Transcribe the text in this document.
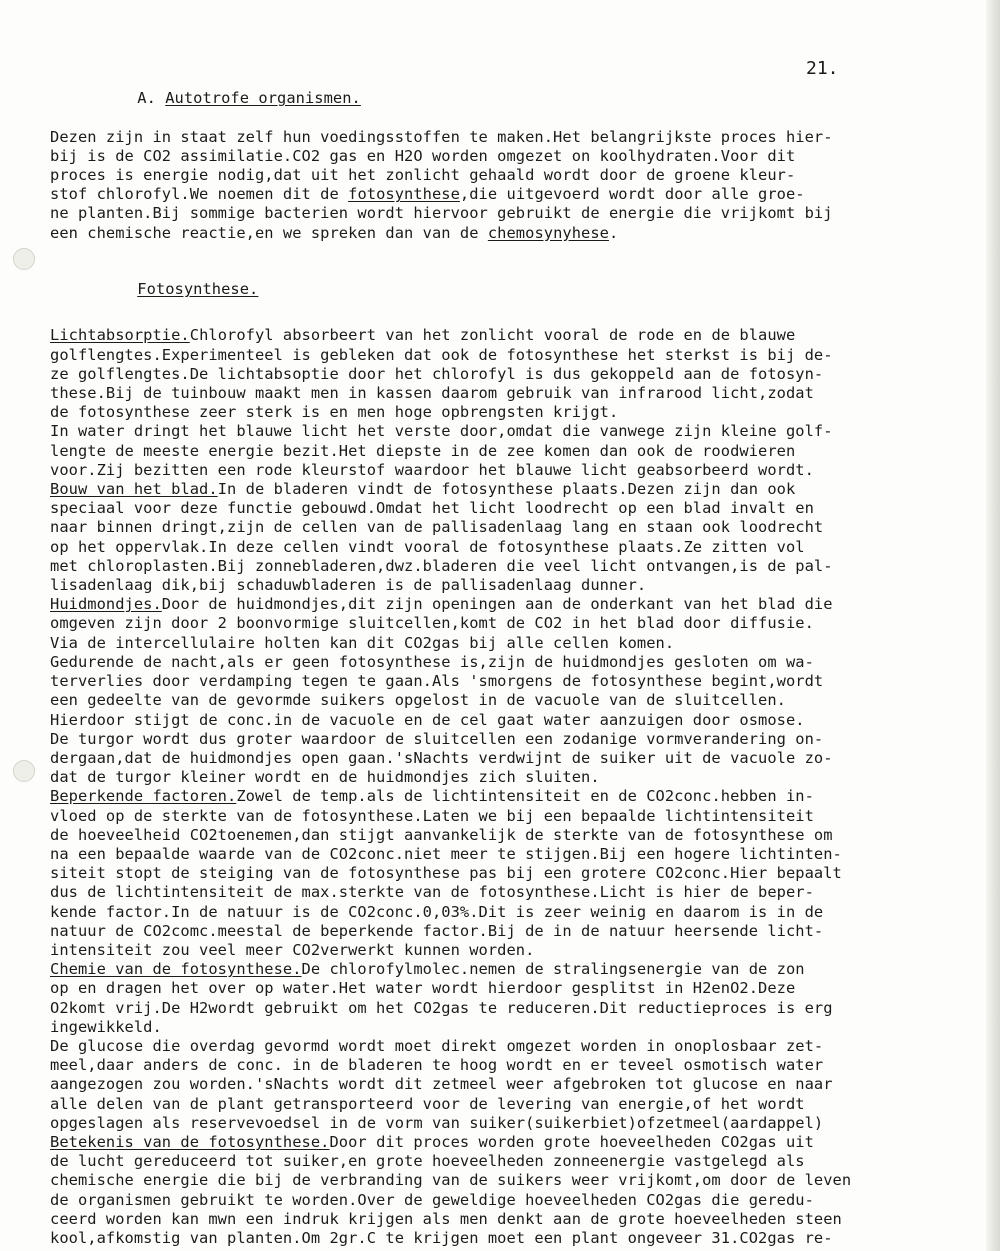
21.

A. Autotrofe organismen.

Dezen zijn in staat zelf hun voedingsstoffen te maken.Het belangrijkste proces hier-
bij is de CO2 assimilatie.CO2 gas en H2O worden omgezet on koolhydraten.Voor dit
proces is energie nodig,dat uit het zonlicht gehaald wordt door de groene kleur-
stof chlorofyl.We noemen dit de fotosynthese,die uitgevoerd wordt door alle groe-
ne planten.Bij sommige bacterien wordt hiervoor gebruikt de energie die vrijkomt bij
een chemische reactie,en we spreken dan van de chemosynyhese.

Fotosynthese.

Lichtabsorptie.Chlorofyl absorbeert van het zonlicht vooral de rode en de blauwe
golflengtes.Experimenteel is gebleken dat ook de fotosynthese het sterkst is bij de-
ze golflengtes.De lichtabsoptie door het chlorofyl is dus gekoppeld aan de fotosyn-
these.Bij de tuinbouw maakt men in kassen daarom gebruik van infrarood licht,zodat
de fotosynthese zeer sterk is en men hoge opbrengsten krijgt.
In water dringt het blauwe licht het verste door,omdat die vanwege zijn kleine golf-
lengte de meeste energie bezit.Het diepste in de zee komen dan ook de roodwieren
voor.Zij bezitten een rode kleurstof waardoor het blauwe licht geabsorbeerd wordt.
Bouw van het blad.In de bladeren vindt de fotosynthese plaats.Dezen zijn dan ook
speciaal voor deze functie gebouwd.Omdat het licht loodrecht op een blad invalt en
naar binnen dringt,zijn de cellen van de pallisadenlaag lang en staan ook loodrecht
op het oppervlak.In deze cellen vindt vooral de fotosynthese plaats.Ze zitten vol
met chloroplasten.Bij zonnebladeren,dwz.bladeren die veel licht ontvangen,is de pal-
lisadenlaag dik,bij schaduwbladeren is de pallisadenlaag dunner.
Huidmondjes.Door de huidmondjes,dit zijn openingen aan de onderkant van het blad die
omgeven zijn door 2 boonvormige sluitcellen,komt de CO2 in het blad door diffusie.
Via de intercellulaire holten kan dit CO2gas bij alle cellen komen.
Gedurende de nacht,als er geen fotosynthese is,zijn de huidmondjes gesloten om wa-
terverlies door verdamping tegen te gaan.Als 'smorgens de fotosynthese begint,wordt
een gedeelte van de gevormde suikers opgelost in de vacuole van de sluitcellen.
Hierdoor stijgt de conc.in de vacuole en de cel gaat water aanzuigen door osmose.
De turgor wordt dus groter waardoor de sluitcellen een zodanige vormverandering on-
dergaan,dat de huidmondjes open gaan.'sNachts verdwijnt de suiker uit de vacuole zo-
dat de turgor kleiner wordt en de huidmondjes zich sluiten.
Beperkende factoren.Zowel de temp.als de lichtintensiteit en de CO2conc.hebben in-
vloed op de sterkte van de fotosynthese.Laten we bij een bepaalde lichtintensiteit
de hoeveelheid CO2toenemen,dan stijgt aanvankelijk de sterkte van de fotosynthese om
na een bepaalde waarde van de CO2conc.niet meer te stijgen.Bij een hogere lichtinten-
siteit stopt de steiging van de fotosynthese pas bij een grotere CO2conc.Hier bepaalt
dus de lichtintensiteit de max.sterkte van de fotosynthese.Licht is hier de beper-
kende factor.In de natuur is de CO2conc.0,03%.Dit is zeer weinig en daarom is in de
natuur de CO2comc.meestal de beperkende factor.Bij de in de natuur heersende licht-
intensiteit zou veel meer CO2verwerkt kunnen worden.
Chemie van de fotosynthese.De chlorofylmolec.nemen de stralingsenergie van de zon
op en dragen het over op water.Het water wordt hierdoor gesplitst in H2enO2.Deze
O2komt vrij.De H2wordt gebruikt om het CO2gas te reduceren.Dit reductieproces is erg
ingewikkeld.
De glucose die overdag gevormd wordt moet direkt omgezet worden in onoplosbaar zet-
meel,daar anders de conc. in de bladeren te hoog wordt en er teveel osmotisch water
aangezogen zou worden.'sNachts wordt dit zetmeel weer afgebroken tot glucose en naar
alle delen van de plant getransporteerd voor de levering van energie,of het wordt
opgeslagen als reservevoedsel in de vorm van suiker(suikerbiet)ofzetmeel(aardappel)
Betekenis van de fotosynthese.Door dit proces worden grote hoeveelheden CO2gas uit
de lucht gereduceerd tot suiker,en grote hoeveelheden zonneenergie vastgelegd als
chemische energie die bij de verbranding van de suikers weer vrijkomt,om door de leven
de organismen gebruikt te worden.Over de geweldige hoeveelheden CO2gas die geredu-
ceerd worden kan mwn een indruk krijgen als men denkt aan de grote hoeveelheden steen
kool,afkomstig van planten.Om 2gr.C te krijgen moet een plant ongeveer 31.CO2gas re-
